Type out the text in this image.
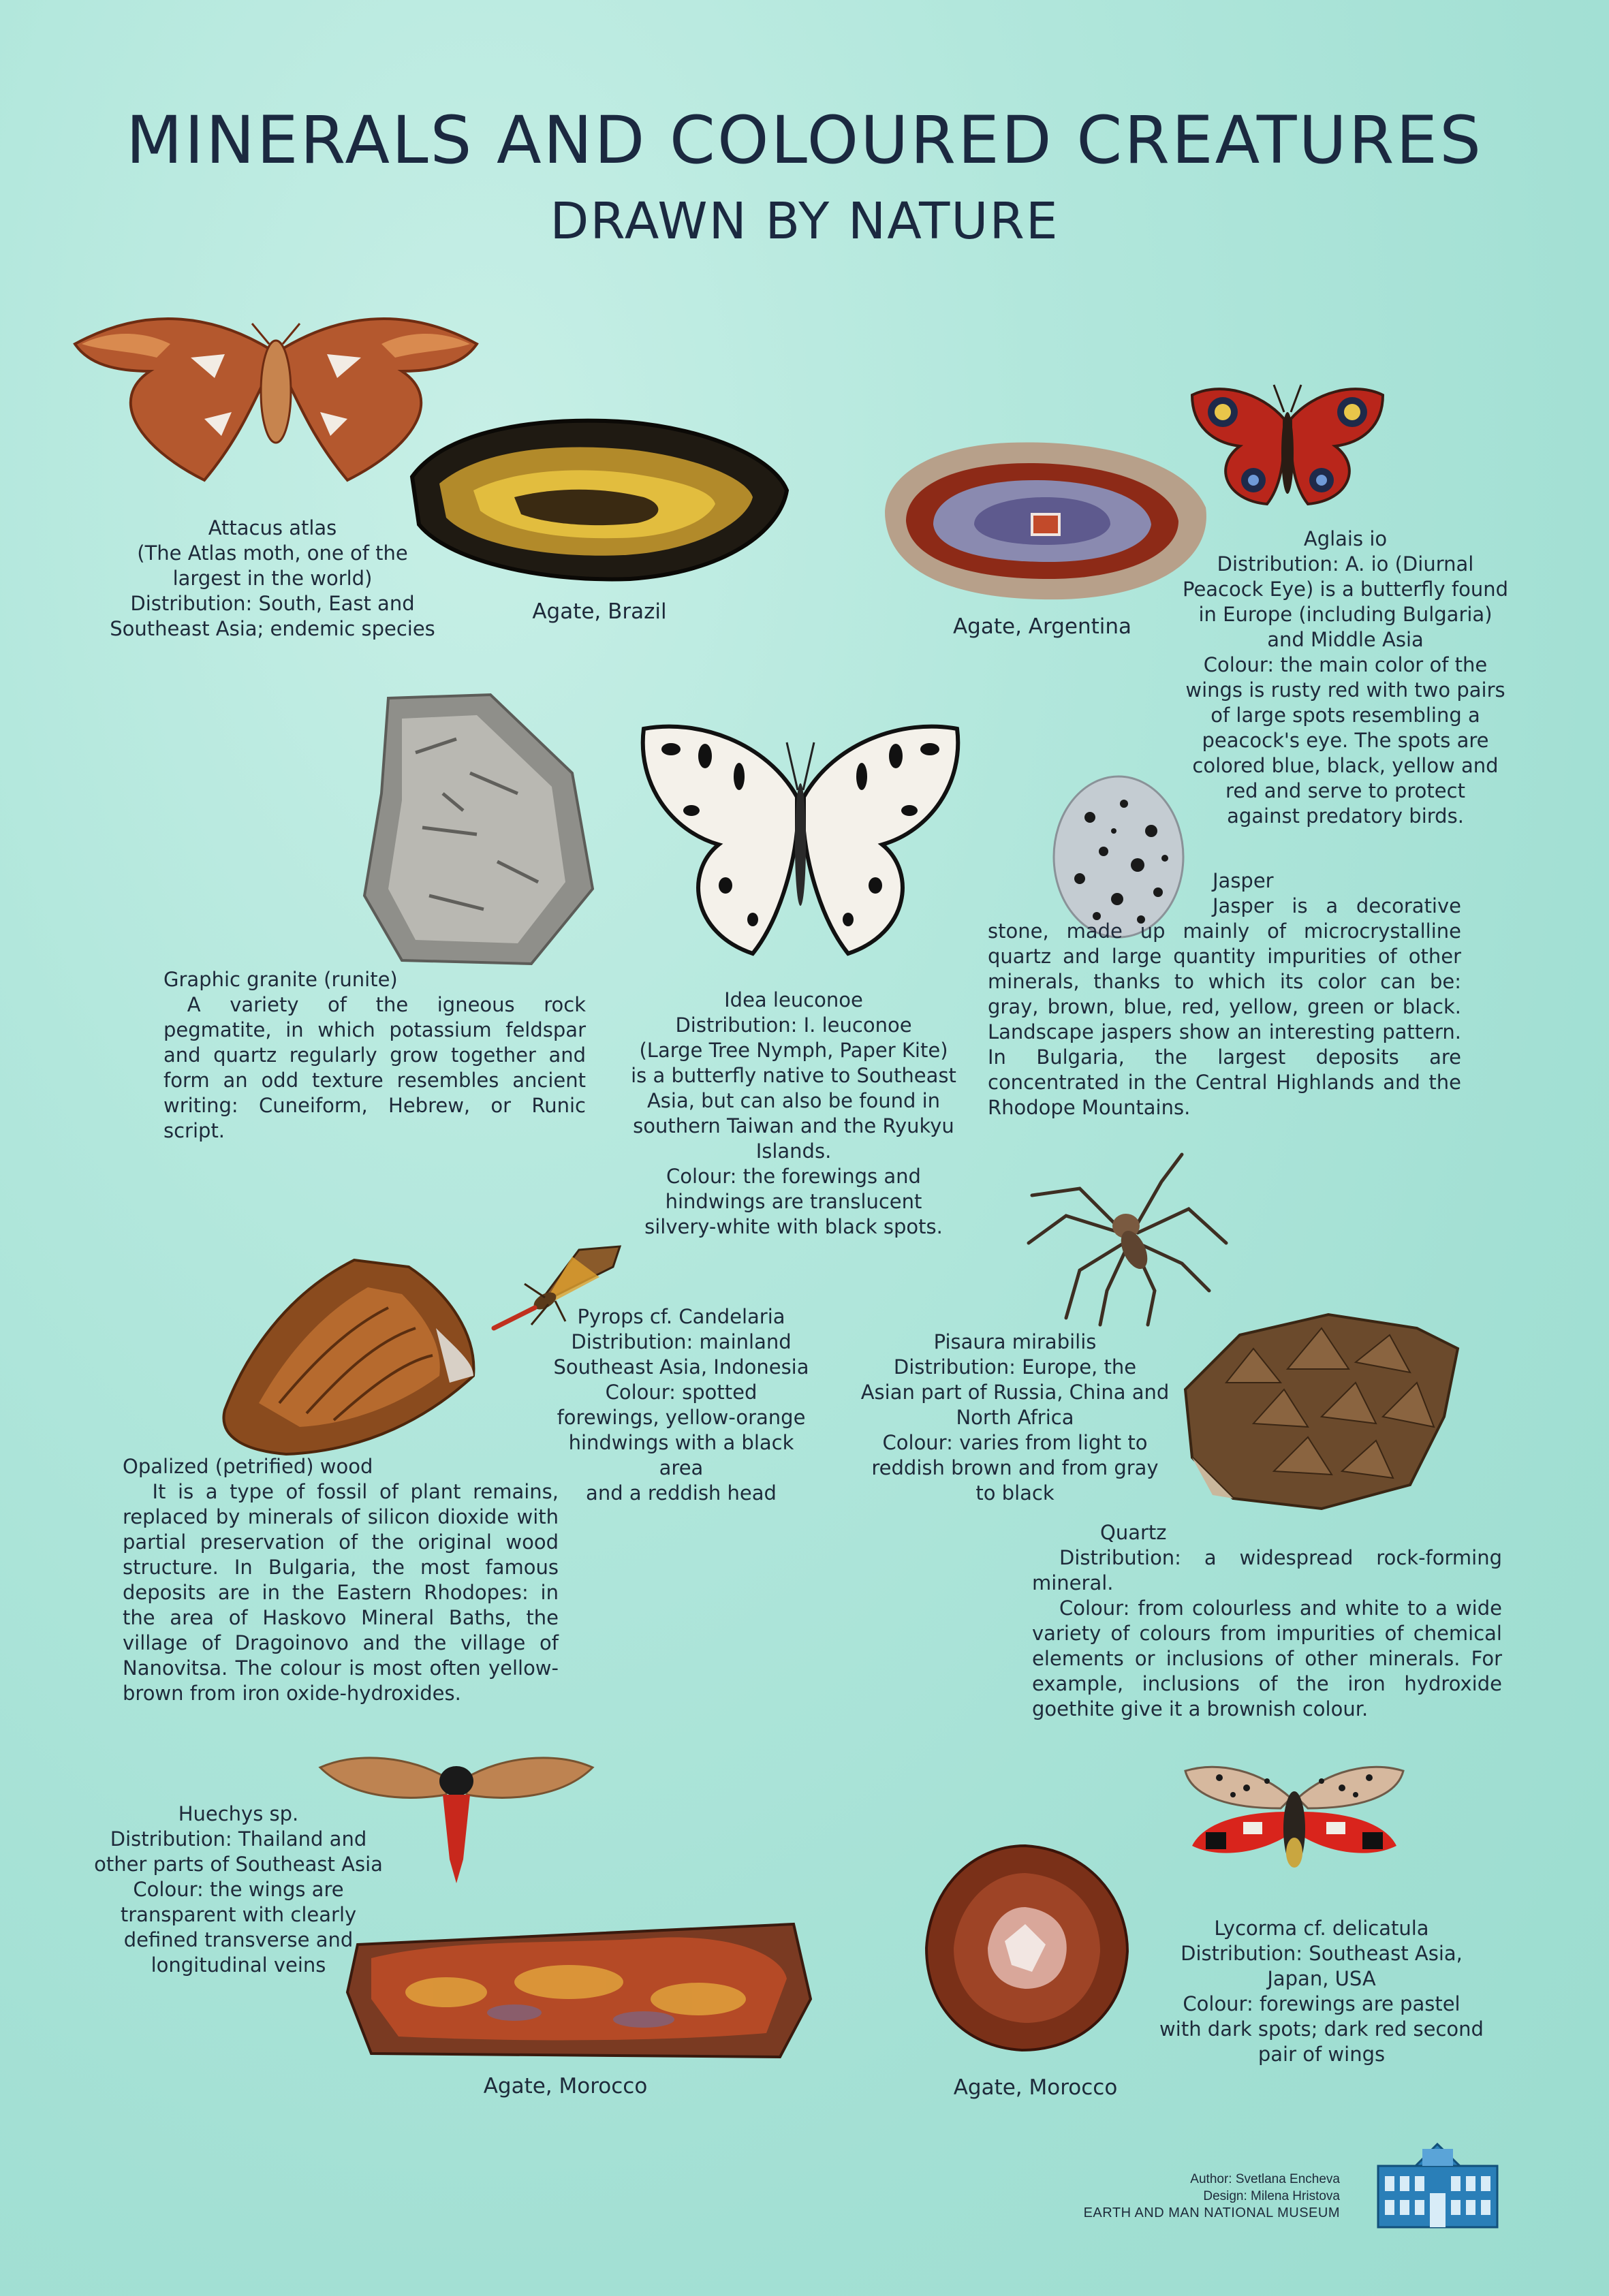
MINERALS AND COLOURED CREATURES
DRAWN BY NATURE

Attacus atlas

(The Atlas moth, one of the

largest in the world)

Distribution: South, East and

Southeast Asia; endemic species

Agate, Brazil
Agate, Argentina

Aglais io

Distribution: A. io (Diurnal

Peacock Eye) is a butterfly found

in Europe (including Bulgaria)

and Middle Asia

Colour: the main color of the

wings is rusty red with two pairs

of large spots resembling a

peacock's eye. The spots are

colored blue, black, yellow and

red and serve to protect

against predatory birds.

Graphic granite (runite)

A variety of the igneous rock pegmatite, in which potassium feldspar and quartz regularly grow together and form an odd texture resembles ancient writing: Cuneiform, Hebrew, or Runic script.

Idea leuconoe

Distribution: I. leuconoe

(Large Tree Nymph, Paper Kite)

is a butterfly native to Southeast

Asia, but can also be found in

southern Taiwan and the Ryukyu

Islands.

Colour: the forewings and

hindwings are translucent

silvery-white with black spots.

Jasper

Jasper is a decorative stone, made up mainly of microcrystalline quartz and large quantity impurities of other minerals, thanks to which its color can be: gray, brown, blue, red, yellow, green or black. Landscape jaspers show an interesting pattern. In Bulgaria, the largest deposits are concentrated in the Central Highlands and the Rhodope Mountains.

Pyrops cf. Candelaria

Distribution: mainland

Southeast Asia, Indonesia

Colour: spotted

forewings, yellow-orange

hindwings with a black area

and a reddish head

Opalized (petrified) wood

It is a type of fossil of plant remains, replaced by minerals of silicon dioxide with partial preservation of the original wood structure. In Bulgaria, the most famous deposits are in the Eastern Rhodopes: in the area of Haskovo Mineral Baths, the village of Dragoinovo and the village of Nanovitsa. The colour is most often yellow-brown from iron oxide-hydroxides.

Pisaura mirabilis

Distribution: Europe, the

Asian part of Russia, China and

North Africa

Colour: varies from light to

reddish brown and from gray

to black

Quartz

Distribution: a widespread rock-forming mineral.

Colour: from colourless and white to a wide variety of colours from impurities of chemical elements or inclusions of other minerals. For example, inclusions of the iron hydroxide goethite give it a brownish colour.

Huechys sp.

Distribution: Thailand and

other parts of Southeast Asia

Colour: the wings are

transparent with clearly

defined transverse and

longitudinal veins

Agate, Morocco	Agate, Morocco

Lycorma cf. delicatula

Distribution: Southeast Asia,

Japan, USA

Colour: forewings are pastel

with dark spots; dark red second

pair of wings

Author: Svetlana Encheva
Design: Milena Hristova
EARTH AND MAN NATIONAL MUSEUM
